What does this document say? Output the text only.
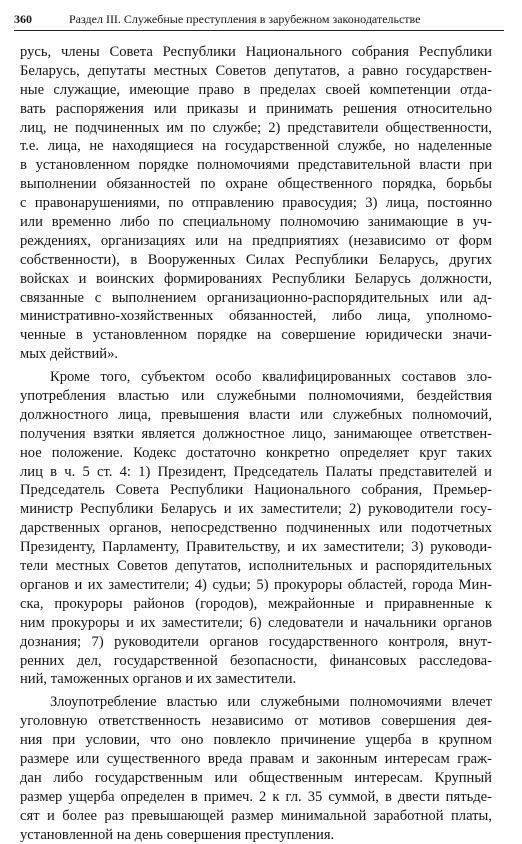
360	Раздел III. Служебные преступления в зарубежном законодательстве
русь, члены Совета Республики Национального собрания Республики
Беларусь, депутаты местных Советов депутатов, а равно государствен-
ные служащие, имеющие право в пределах своей компетенции отда-
вать распоряжения или приказы и принимать решения относительно
лиц, не подчиненных им по службе; 2) представители общественности,
т.е. лица, не находящиеся на государственной службе, но наделенные
в установленном порядке полномочиями представительной власти при
выполнении обязанностей по охране общественного порядка, борьбы
с правонарушениями, по отправлению правосудия; 3) лица, постоянно
или временно либо по специальному полномочию занимающие в уч-
реждениях, организациях или на предприятиях (независимо от форм
собственности), в Вооруженных Силах Республики Беларусь, других
войсках и воинских формированиях Республики Беларусь должности,
связанные с выполнением организационно-распорядительных или ад-
министративно-хозяйственных обязанностей, либо лица, уполномо-
ченные в установленном порядке на совершение юридически значи-
мых действий».
Кроме того, субъектом особо квалифицированных составов зло-
употребления властью или служебными полномочиями, бездействия
должностного лица, превышения власти или служебных полномочий,
получения взятки является должностное лицо, занимающее ответствен-
ное положение. Кодекс достаточно конкретно определяет круг таких
лиц в ч. 5 ст. 4: 1) Президент, Председатель Палаты представителей и
Председатель Совета Республики Национального собрания, Премьер-
министр Республики Беларусь и их заместители; 2) руководители госу-
дарственных органов, непосредственно подчиненных или подотчетных
Президенту, Парламенту, Правительству, и их заместители; 3) руководи-
тели местных Советов депутатов, исполнительных и распорядительных
органов и их заместители; 4) судьи; 5) прокуроры областей, города Мин-
ска, прокуроры районов (городов), межрайонные и приравненные к
ним прокуроры и их заместители; 6) следователи и начальники органов
дознания; 7) руководители органов государственного контроля, внут-
ренних дел, государственной безопасности, финансовых расследова-
ний, таможенных органов и их заместители.
Злоупотребление властью или служебными полномочиями влечет
уголовную ответственность независимо от мотивов совершения дея-
ния при условии, что оно повлекло причинение ущерба в крупном
размере или существенного вреда правам и законным интересам граж-
дан либо государственным или общественным интересам. Крупный
размер ущерба определен в примеч. 2 к гл. 35 суммой, в двести пятьде-
сят и более раз превышающей размер минимальной заработной платы,
установленной на день совершения преступления.
